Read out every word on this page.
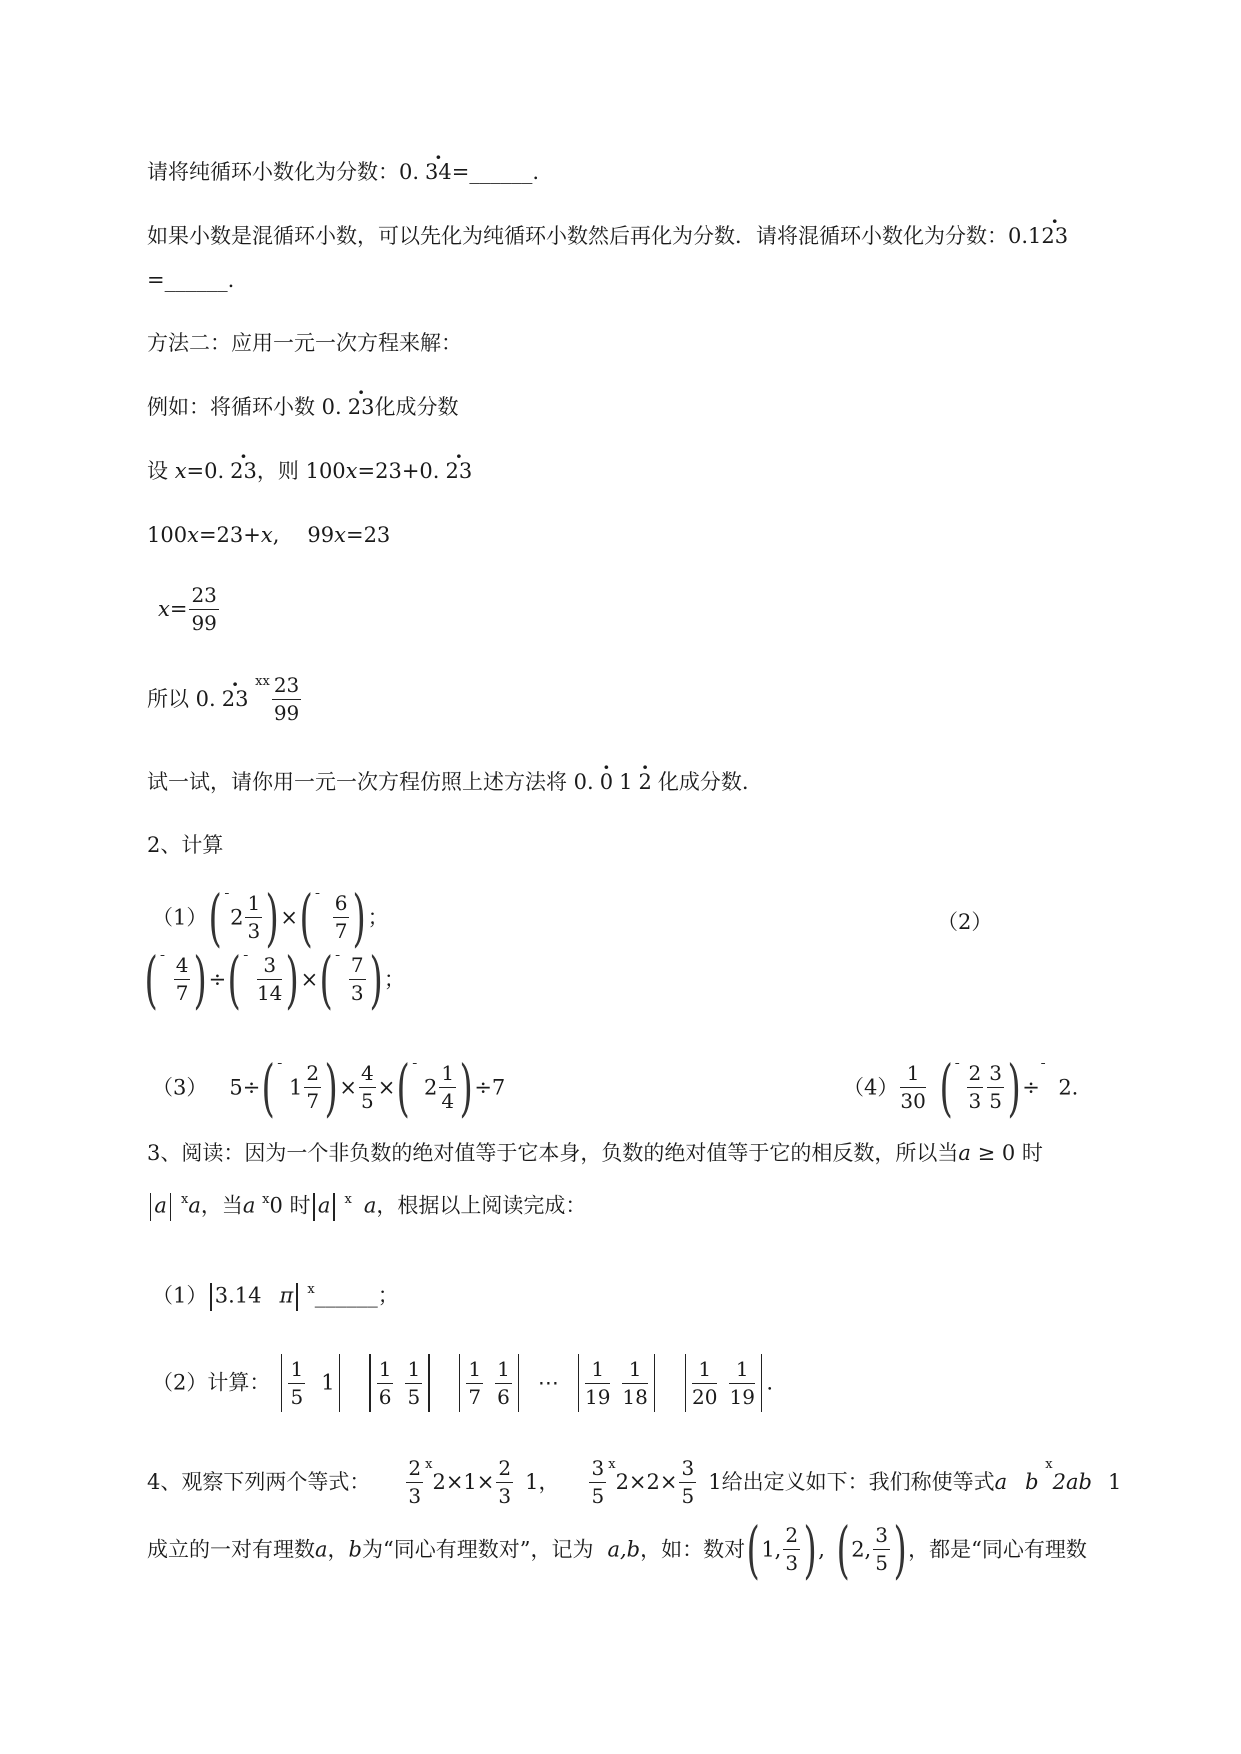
请将纯循环小数化为分数：0. · 34=______.
如果小数是混循环小数，可以先化为纯循环小数然后再化为分数．请将混循环小数化为分数：0.1· 23
=______.
方法二：应用一元一次方程来解：
例如：将循环小数 0. · 23化成分数
设 x=0. · 23，则 100x=23+0. · 23
100x=23+x, 99x=23
$x= \frac{23}{99}$
所以 0. · 23 $^{ⅹⅹ} \frac{23}{99}$
试一试，请你用一元一次方程仿照上述方法将 0. · 0 1 · 2 化成分数.
2、计算
$(1)(^ˉ2 \frac{1}{3} )\times(^ˉ \frac{6}{7}$ )；	（2）
$(^ˉ \frac{4}{7} )\div(^ˉ \frac{3}{14} )\times(^ˉ \frac{7}{3}$ )；
（3） $5\div(^ˉ1 \frac{2}{7}$ )× $\frac{4}{5} \times(^ˉ2 \frac{1}{4} )\div 7$	$(4) \frac{1}{30} (^ˉ \frac{2}{3} \frac{3}{5} )\div^ˉ2$.
3、阅读：因为一个非负数的绝对值等于它本身，负数的绝对值等于它的相反数，所以当a ≥ 0 时
a $^ⅹ$a，当a $^ⅹ$0 时 a $^ⅹ$ a，根据以上阅读完成：
（1） 3.14 π $^ⅹ$______；
（2）计算： $\frac{1}{5} 1 \frac{1}{6} \frac{1}{5}$
$\frac{1}{7} \frac{1}{6}$ ⋯ $\frac{1}{19} \frac{1}{18}$
$\frac{1}{20} \frac{1}{19}$ .
4、观察下列两个等式： $\frac{2}{3} ^ⅹ2\times 1\times \frac{2}{3} 1$， $\frac{3}{5} ^ⅹ2\times 2\times \frac{3}{5} 1$给出定义如下：我们称使等式a b $^ⅹ$2ab 1
成立的一对有理数a，b为“同心有理数对”，记为 a,b，如：数对(1, $\frac{2}{3}$ ), (2, $\frac{3}{5}$ )，都是“同心有理数
